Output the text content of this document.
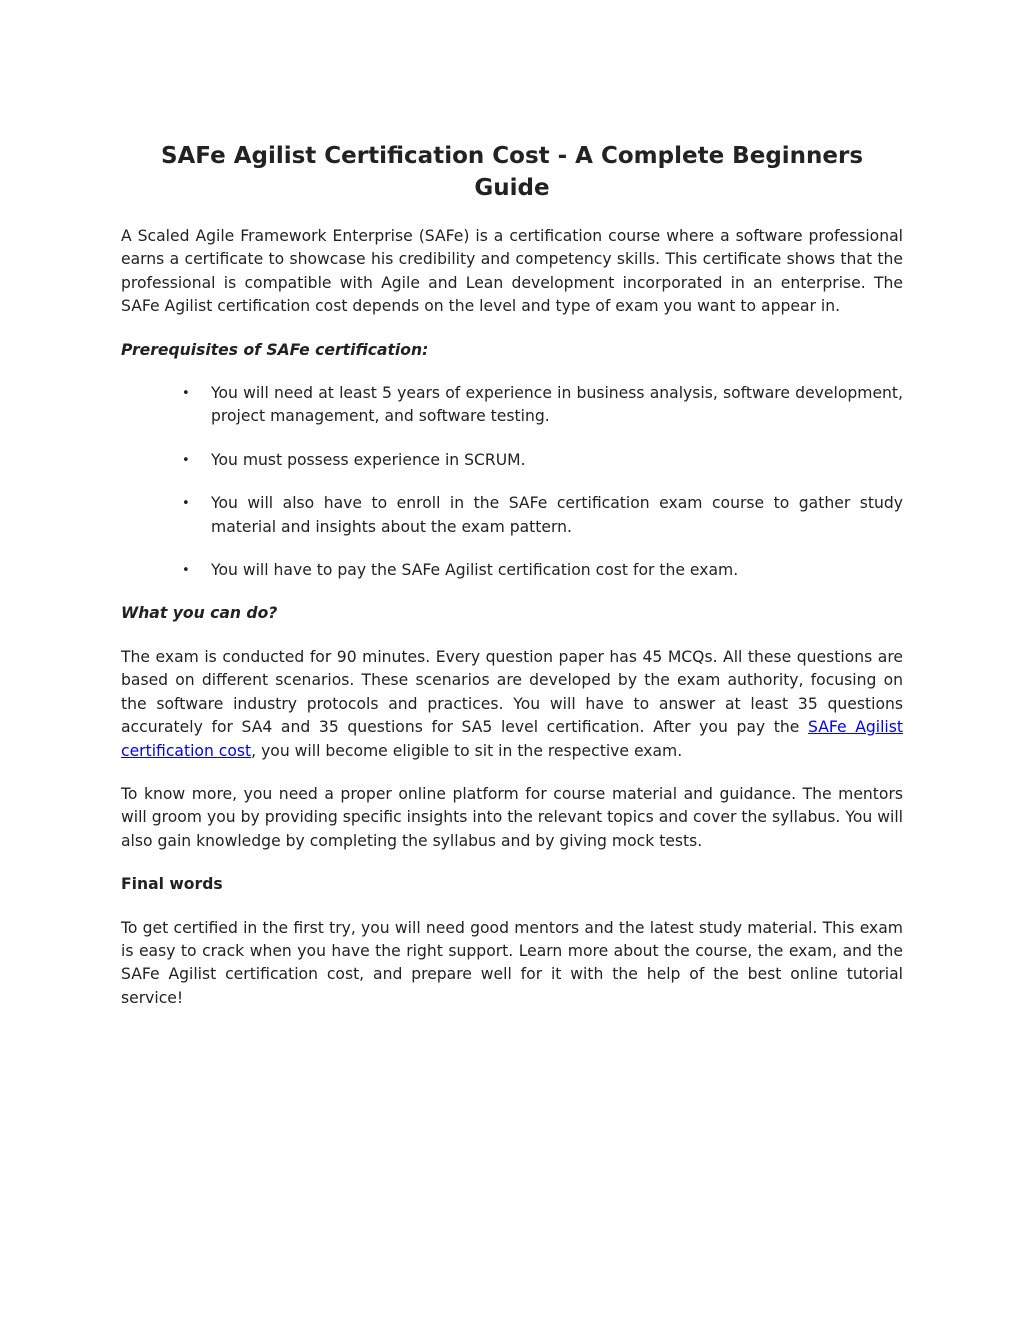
SAFe Agilist Certification Cost - A Complete Beginners Guide

A Scaled Agile Framework Enterprise (SAFe) is a certification course where a software professional earns a certificate to showcase his credibility and competency skills. This certificate shows that the professional is compatible with Agile and Lean development incorporated in an enterprise. The SAFe Agilist certification cost depends on the level and type of exam you want to appear in.

Prerequisites of SAFe certification:
• You will need at least 5 years of experience in business analysis, software development, project management, and software testing.
• You must possess experience in SCRUM.
• You will also have to enroll in the SAFe certification exam course to gather study material and insights about the exam pattern.
• You will have to pay the SAFe Agilist certification cost for the exam.
What you can do?

The exam is conducted for 90 minutes. Every question paper has 45 MCQs. All these questions are based on different scenarios. These scenarios are developed by the exam authority, focusing on the software industry protocols and practices. You will have to answer at least 35 questions accurately for SA4 and 35 questions for SA5 level certification. After you pay the SAFe Agilist certification cost, you will become eligible to sit in the respective exam.

To know more, you need a proper online platform for course material and guidance. The mentors will groom you by providing specific insights into the relevant topics and cover the syllabus. You will also gain knowledge by completing the syllabus and by giving mock tests.

Final words

To get certified in the first try, you will need good mentors and the latest study material. This exam is easy to crack when you have the right support. Learn more about the course, the exam, and the SAFe Agilist certification cost, and prepare well for it with the help of the best online tutorial service!
